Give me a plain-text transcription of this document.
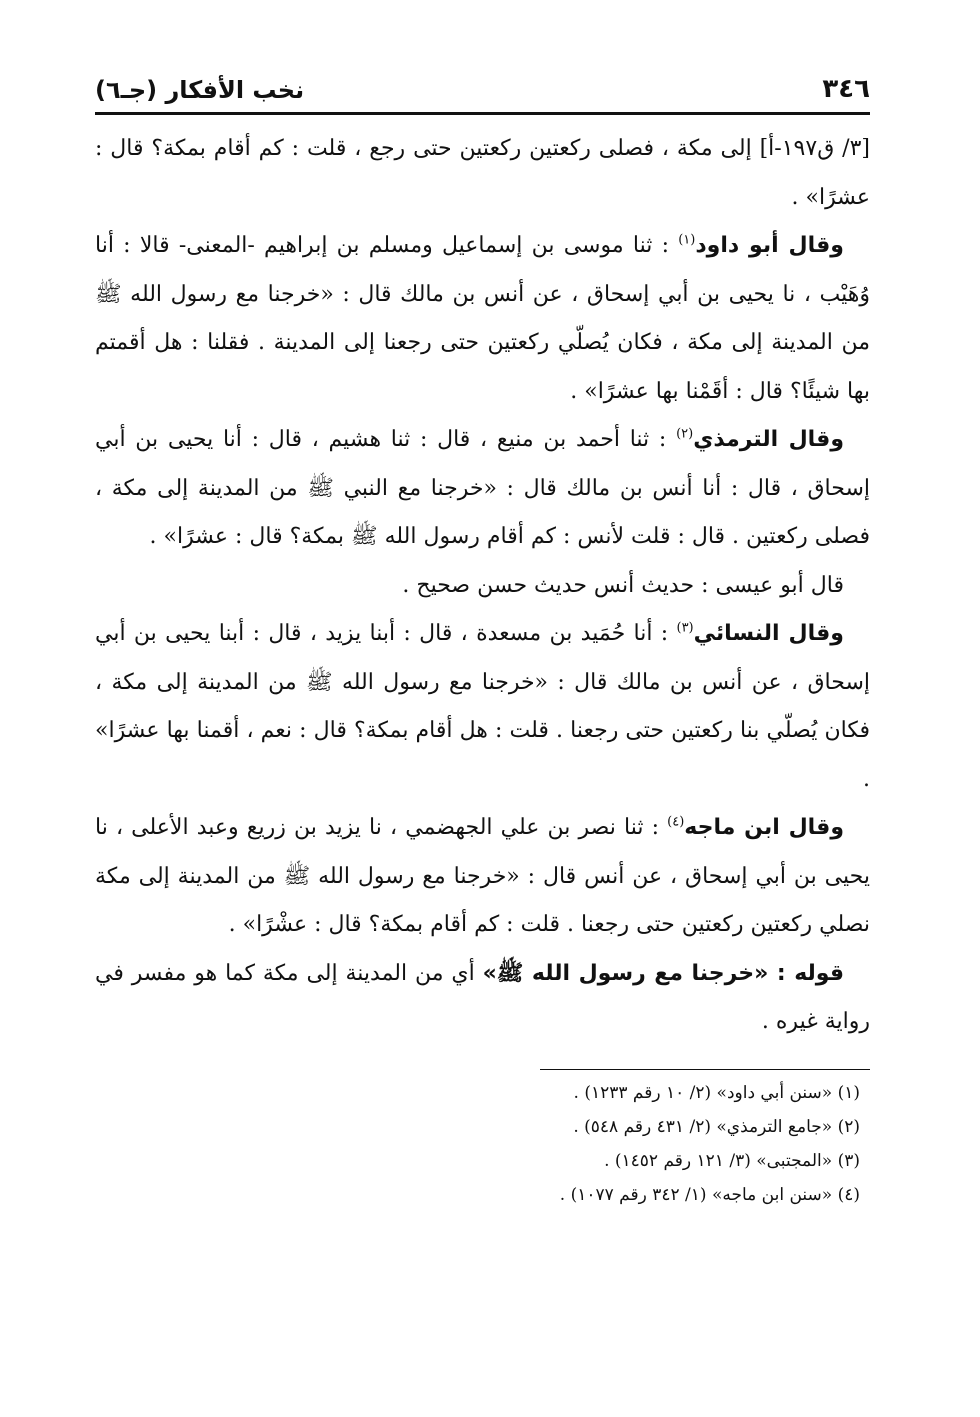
٣٤٦
نخب الأفكار (جـ٦)

[٣/ ق١٩٧-أ] إلى مكة ، فصلى ركعتين ركعتين حتى رجع ، قلت : كم أقام بمكة؟ قال : عشرًا» .

وقال أبو داود$^{(١)}$ : ثنا موسى بن إسماعيل ومسلم بن إبراهيم -المعنى- قالا : أنا وُهَيْب ، نا يحيى بن أبي إسحاق ، عن أنس بن مالك قال : «خرجنا مع رسول الله ﷺ من المدينة إلى مكة ، فكان يُصلّي ركعتين حتى رجعنا إلى المدينة . فقلنا : هل أقمتم بها شيئًا؟ قال : أقَمْنا بها عشرًا» .

وقال الترمذي$^{(٢)}$ : ثنا أحمد بن منيع ، قال : ثنا هشيم ، قال : أنا يحيى بن أبي إسحاق ، قال : أنا أنس بن مالك قال : «خرجنا مع النبي ﷺ من المدينة إلى مكة ، فصلى ركعتين . قال : قلت لأنس : كم أقام رسول الله ﷺ بمكة؟ قال : عشرًا» .

قال أبو عيسى : حديث أنس حديث حسن صحيح .

وقال النسائي$^{(٣)}$ : أنا حُمَيد بن مسعدة ، قال : أبنا يزيد ، قال : أبنا يحيى بن أبي إسحاق ، عن أنس بن مالك قال : «خرجنا مع رسول الله ﷺ من المدينة إلى مكة ، فكان يُصلّي بنا ركعتين حتى رجعنا . قلت : هل أقام بمكة؟ قال : نعم ، أقمنا بها عشرًا» .

وقال ابن ماجه$^{(٤)}$ : ثنا نصر بن علي الجهضمي ، نا يزيد بن زريع وعبد الأعلى ، نا يحيى بن أبي إسحاق ، عن أنس قال : «خرجنا مع رسول الله ﷺ من المدينة إلى مكة نصلي ركعتين ركعتين حتى رجعنا . قلت : كم أقام بمكة؟ قال : عشْرًا» .

قوله : «خرجنا مع رسول الله ﷺ» أي من المدينة إلى مكة كما هو مفسر في رواية غيره .

(١) «سنن أبي داود» (٢/ ١٠ رقم ١٢٣٣) .

(٢) «جامع الترمذي» (٢/ ٤٣١ رقم ٥٤٨) .

(٣) «المجتبى» (٣/ ١٢١ رقم ١٤٥٢) .

(٤) «سنن ابن ماجه» (١/ ٣٤٢ رقم ١٠٧٧) .
